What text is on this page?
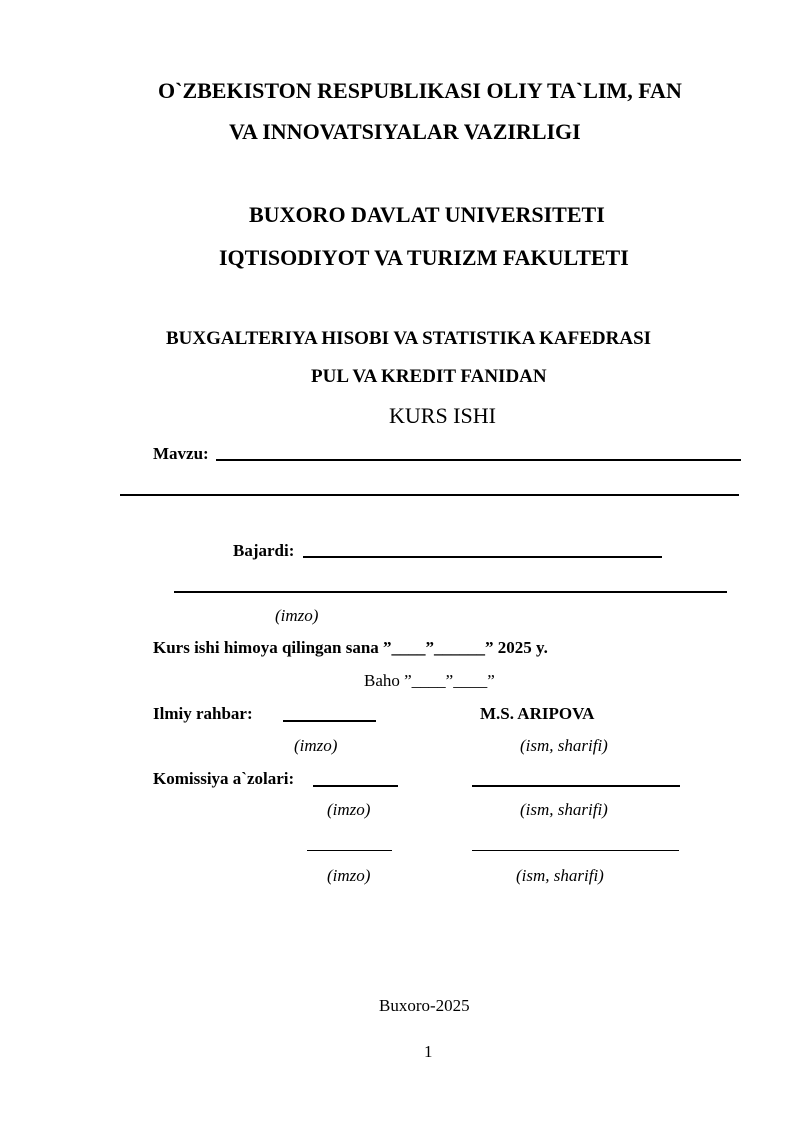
O`ZBEKISTON RESPUBLIKASI OLIY TA`LIM, FAN
VA INNOVATSIYALAR VAZIRLIGI
BUXORO DAVLAT UNIVERSITETI
IQTISODIYOT VA TURIZM FAKULTETI
BUXGALTERIYA HISOBI VA STATISTIKA KAFEDRASI
PUL VA KREDIT FANIDAN
KURS ISHI
Mavzu:
Bajardi:
(imzo)
Kurs ishi himoya qilingan sana ”____”______” 2025 y.
Baho ”____”____”
Ilmiy rahbar:	M.S. ARIPOVA
(imzo)	(ism, sharifi)
Komissiya a`zolari:
(imzo)	(ism, sharifi)
(imzo)	(ism, sharifi)
Buxoro-2025
1
